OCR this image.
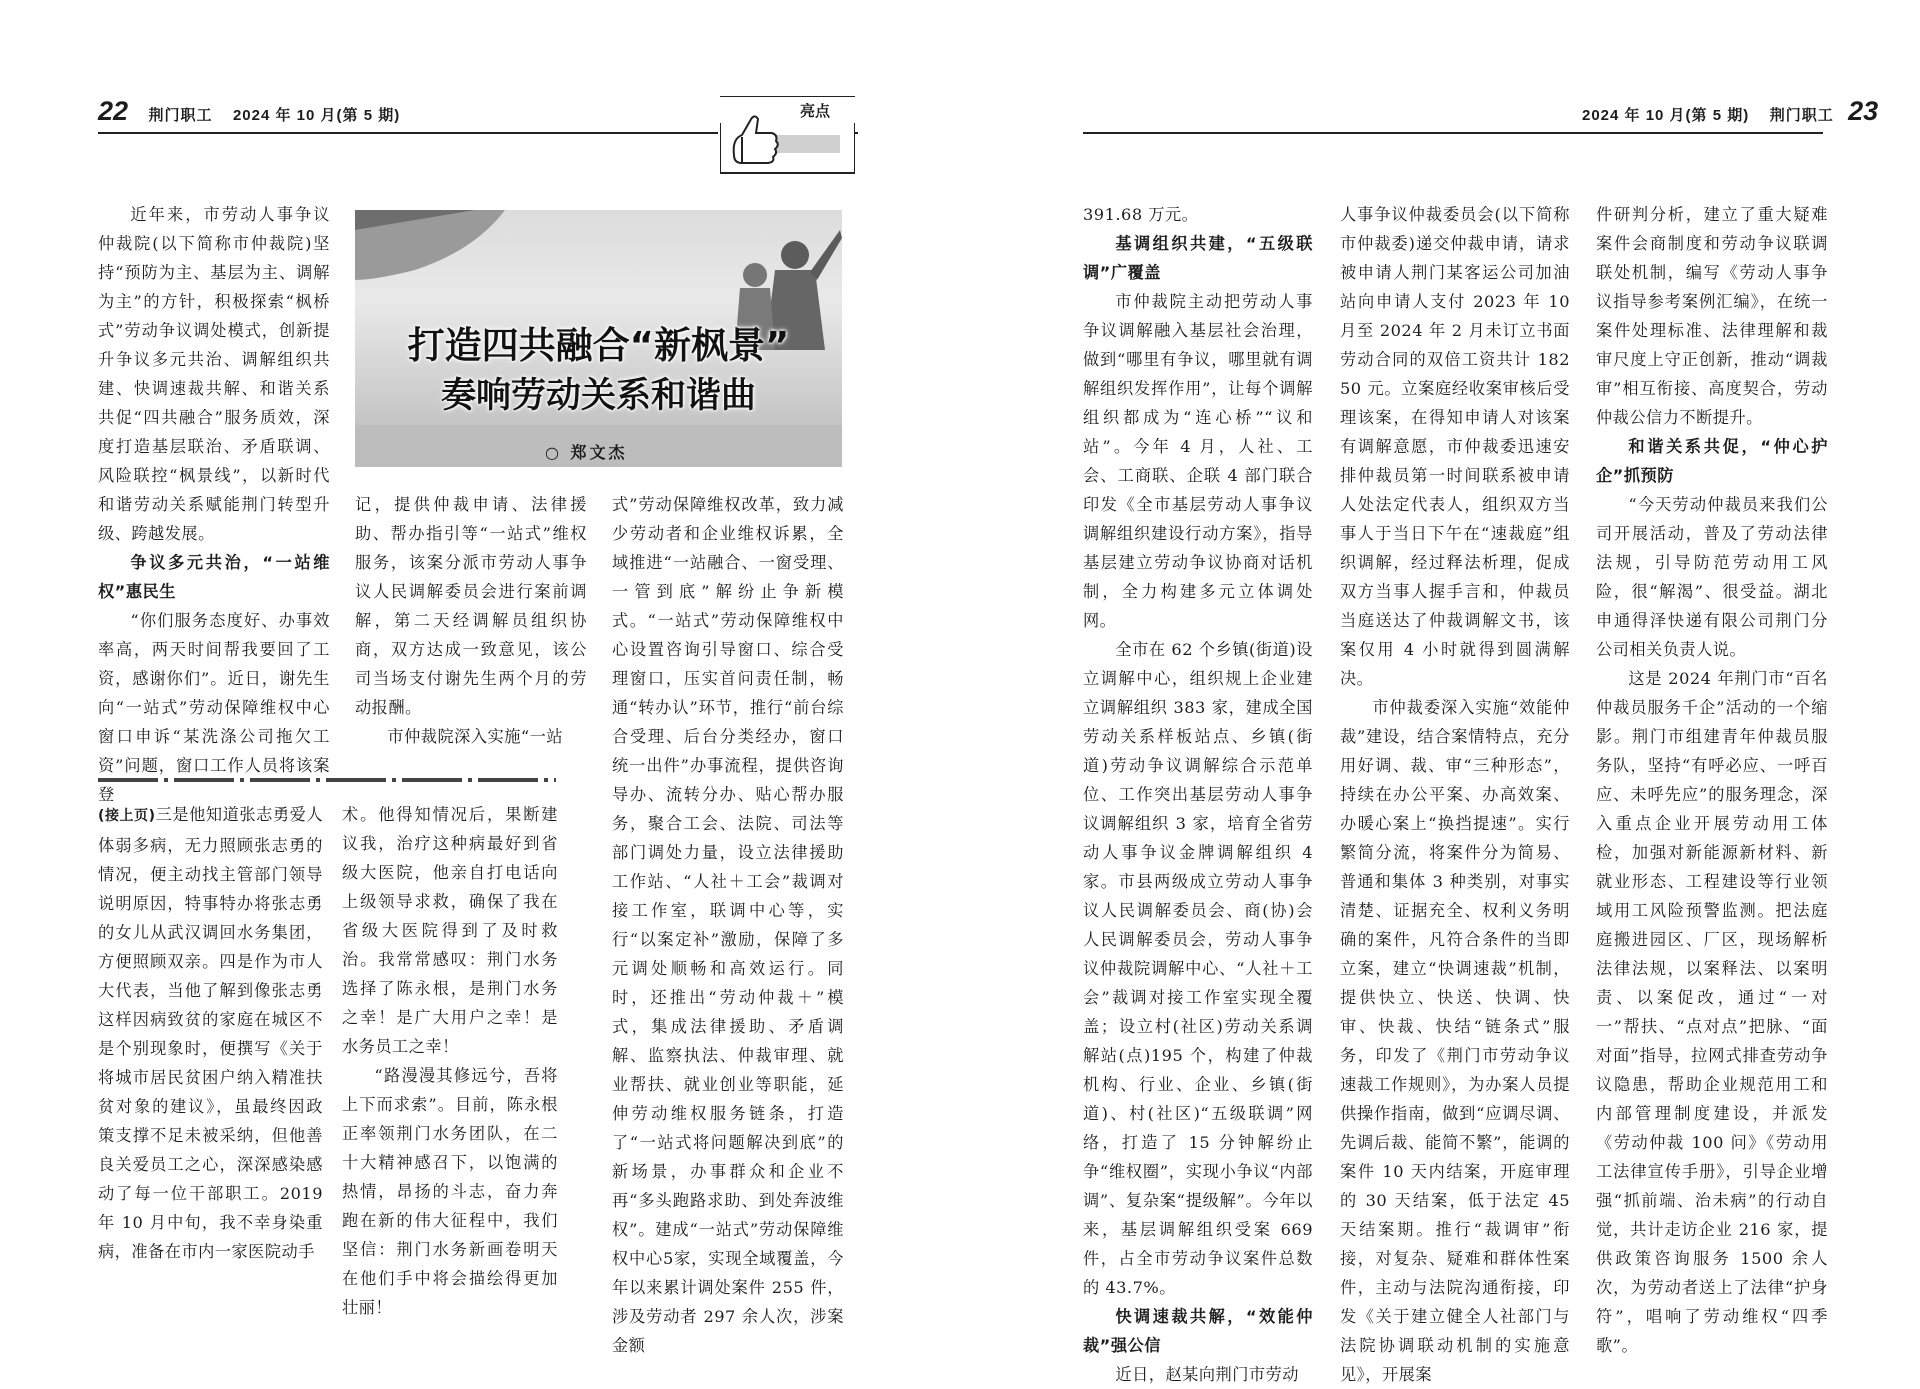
22 荆门职工 2024 年 10 月(第 5 期)	亮点	2024 年 10 月(第 5 期) 荆门职工 23
打造四共融合“新枫景”
奏响劳动关系和谐曲
○ 郑文杰

近年来，市劳动人事争议仲裁院(以下简称市仲裁院)坚持“预防为主、基层为主、调解为主”的方针，积极探索“枫桥式”劳动争议调处模式，创新提升争议多元共治、调解组织共建、快调速裁共解、和谐关系共促“四共融合”服务质效，深度打造基层联治、矛盾联调、风险联控“枫景线”，以新时代和谐劳动关系赋能荆门转型升级、跨越发展。

争议多元共治，“一站维权”惠民生

“你们服务态度好、办事效率高，两天时间帮我要回了工资，感谢你们”。近日，谢先生向“一站式”劳动保障维权中心窗口申诉“某洗涤公司拖欠工资”问题，窗口工作人员将该案登

记，提供仲裁申请、法律援助、帮办指引等“一站式”维权服务，该案分派市劳动人事争议人民调解委员会进行案前调解，第二天经调解员组织协商，双方达成一致意见，该公司当场支付谢先生两个月的劳动报酬。

市仲裁院深入实施“一站

式”劳动保障维权改革，致力减少劳动者和企业维权诉累，全域推进“一站融合、一窗受理、一管到底”解纷止争新模式。“一站式”劳动保障维权中心设置咨询引导窗口、综合受理窗口，压实首问责任制，畅通“转办认”环节，推行“前台综合受理、后台分类经办，窗口统一出件”办事流程，提供咨询导办、流转分办、贴心帮办服务，聚合工会、法院、司法等部门调处力量，设立法律援助工作站、“人社＋工会”裁调对接工作室，联调中心等，实行“以案定补”激励，保障了多元调处顺畅和高效运行。同时，还推出“劳动仲裁＋”模式，集成法律援助、矛盾调解、监察执法、仲裁审理、就业帮扶、就业创业等职能，延伸劳动维权服务链条，打造了“一站式将问题解决到底”的新场景，办事群众和企业不再“多头跑路求助、到处奔波维权”。建成“一站式”劳动保障维权中心5家，实现全域覆盖，今年以来累计调处案件 255 件，涉及劳动者 297 余人次，涉案金额

(接上页)三是他知道张志勇爱人体弱多病，无力照顾张志勇的情况，便主动找主管部门领导说明原因，特事特办将张志勇的女儿从武汉调回水务集团，方便照顾双亲。四是作为市人大代表，当他了解到像张志勇这样因病致贫的家庭在城区不是个别现象时，便撰写《关于将城市居民贫困户纳入精准扶贫对象的建议》，虽最终因政策支撑不足未被采纳，但他善良关爱员工之心，深深感染感动了每一位干部职工。2019 年 10 月中旬，我不幸身染重病，准备在市内一家医院动手

术。他得知情况后，果断建议我，治疗这种病最好到省级大医院，他亲自打电话向上级领导求救，确保了我在省级大医院得到了及时救治。我常常感叹：荆门水务选择了陈永根，是荆门水务之幸！是广大用户之幸！是水务员工之幸！

“路漫漫其修远兮，吾将上下而求索”。目前，陈永根正率领荆门水务团队，在二十大精神感召下，以饱满的热情，昂扬的斗志，奋力奔跑在新的伟大征程中，我们坚信：荆门水务新画卷明天在他们手中将会描绘得更加壮丽！

391.68 万元。

基调组织共建，“五级联调”广覆盖

市仲裁院主动把劳动人事争议调解融入基层社会治理，做到“哪里有争议，哪里就有调解组织发挥作用”，让每个调解组织都成为“连心桥”“议和站”。今年 4 月，人社、工会、工商联、企联 4 部门联合印发《全市基层劳动人事争议调解组织建设行动方案》，指导基层建立劳动争议协商对话机制，全力构建多元立体调处网。

全市在 62 个乡镇(街道)设立调解中心，组织规上企业建立调解组织 383 家，建成全国劳动关系样板站点、乡镇(街道)劳动争议调解综合示范单位、工作突出基层劳动人事争议调解组织 3 家，培育全省劳动人事争议金牌调解组织 4 家。市县两级成立劳动人事争议人民调解委员会、商(协)会人民调解委员会，劳动人事争议仲裁院调解中心、“人社＋工会”裁调对接工作室实现全覆盖；设立村(社区)劳动关系调解站(点)195 个，构建了仲裁机构、行业、企业、乡镇(街道)、村(社区)“五级联调”网络，打造了 15 分钟解纷止争“维权圈”，实现小争议“内部调”、复杂案“提级解”。今年以来，基层调解组织受案 669 件，占全市劳动争议案件总数的 43.7%。

快调速裁共解，“效能仲裁”强公信

近日，赵某向荆门市劳动

人事争议仲裁委员会(以下简称市仲裁委)递交仲裁申请，请求被申请人荆门某客运公司加油站向申请人支付 2023 年 10 月至 2024 年 2 月未订立书面劳动合同的双倍工资共计 18250 元。立案庭经收案审核后受理该案，在得知申请人对该案有调解意愿，市仲裁委迅速安排仲裁员第一时间联系被申请人处法定代表人，组织双方当事人于当日下午在“速裁庭”组织调解，经过释法析理，促成双方当事人握手言和，仲裁员当庭送达了仲裁调解文书，该案仅用 4 小时就得到圆满解决。

市仲裁委深入实施“效能仲裁”建设，结合案情特点，充分用好调、裁、审“三种形态”，持续在办公平案、办高效案、办暖心案上“换挡提速”。实行繁简分流，将案件分为简易、普通和集体 3 种类别，对事实清楚、证据充全、权利义务明确的案件，凡符合条件的当即立案，建立“快调速裁”机制，提供快立、快送、快调、快审、快裁、快结“链条式”服务，印发了《荆门市劳动争议速裁工作规则》，为办案人员提供操作指南，做到“应调尽调、先调后裁、能简不繁”，能调的案件 10 天内结案，开庭审理的 30 天结案，低于法定 45 天结案期。推行“裁调审”衔接，对复杂、疑难和群体性案件，主动与法院沟通衔接，印发《关于建立健全人社部门与法院协调联动机制的实施意见》，开展案

件研判分析，建立了重大疑难案件会商制度和劳动争议联调联处机制，编写《劳动人事争议指导参考案例汇编》，在统一案件处理标准、法律理解和裁审尺度上守正创新，推动“调裁审”相互衔接、高度契合，劳动仲裁公信力不断提升。

和谐关系共促，“仲心护企”抓预防

“今天劳动仲裁员来我们公司开展活动，普及了劳动法律法规，引导防范劳动用工风险，很“解渴”、很受益。湖北申通得泽快递有限公司荆门分公司相关负责人说。

这是 2024 年荆门市“百名仲裁员服务千企”活动的一个缩影。荆门市组建青年仲裁员服务队，坚持“有呼必应、一呼百应、未呼先应”的服务理念，深入重点企业开展劳动用工体检，加强对新能源新材料、新就业形态、工程建设等行业领域用工风险预警监测。把法庭庭搬进园区、厂区，现场解析法律法规，以案释法、以案明责、以案促改，通过“一对一”帮扶、“点对点”把脉、“面对面”指导，拉网式排查劳动争议隐患，帮助企业规范用工和内部管理制度建设，并派发《劳动仲裁 100 问》《劳动用工法律宣传手册》，引导企业增强“抓前端、治未病”的行动自觉，共计走访企业 216 家，提供政策咨询服务 1500 余人次，为劳动者送上了法律“护身符”，唱响了劳动维权“四季歌”。
